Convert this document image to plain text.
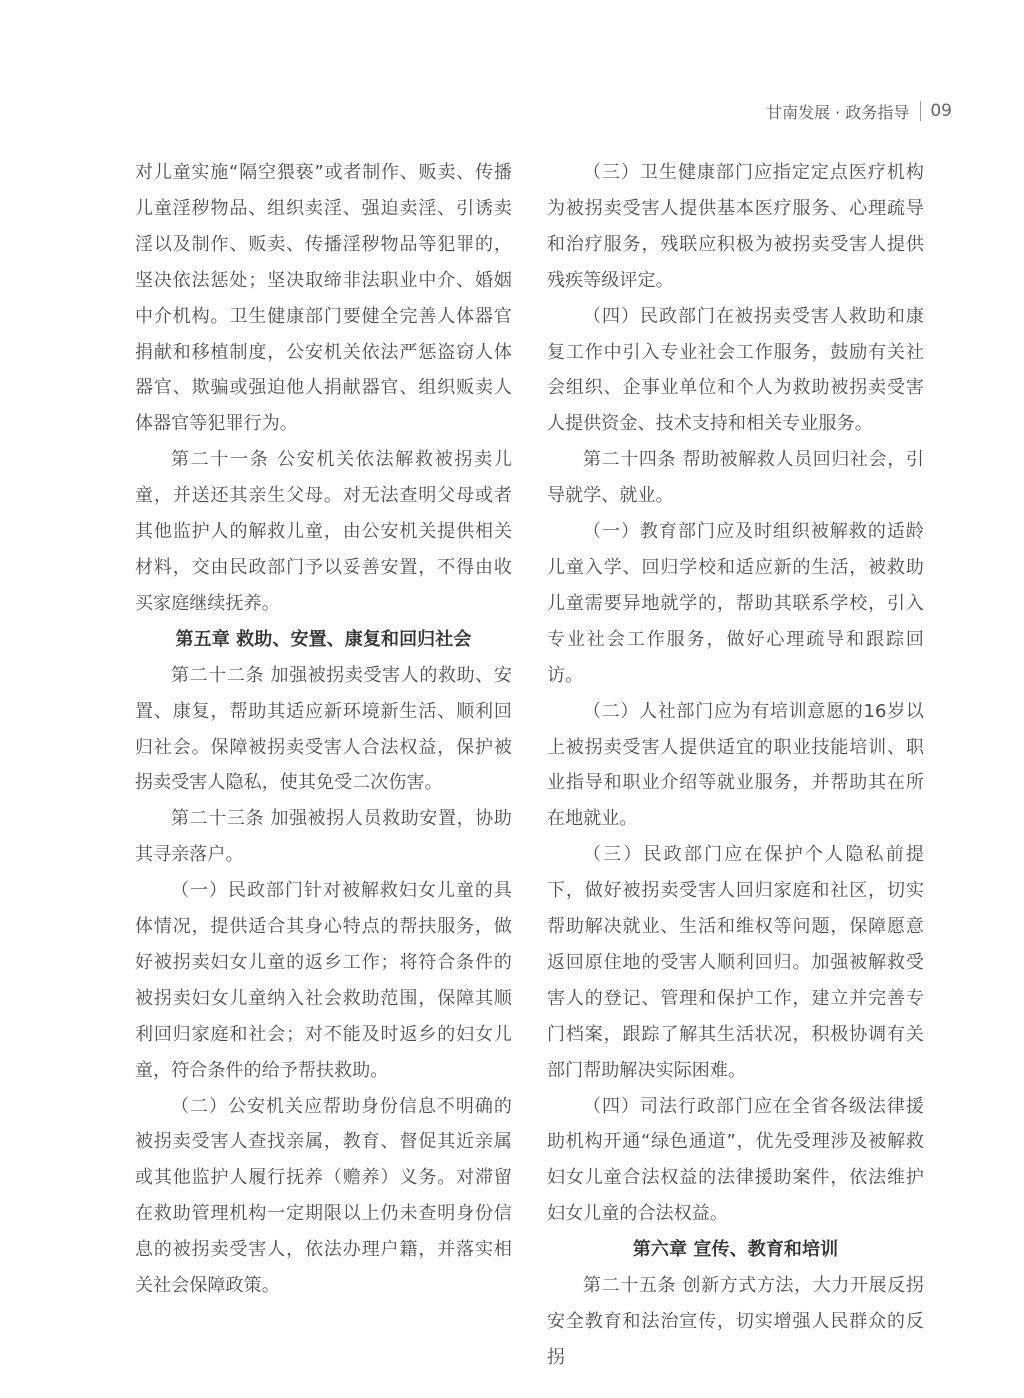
甘南发展 · 政务指导 09

对儿童实施“隔空猥亵”或者制作、贩卖、传播儿童淫秽物品、组织卖淫、强迫卖淫、引诱卖淫以及制作、贩卖、传播淫秽物品等犯罪的，坚决依法惩处；坚决取缔非法职业中介、婚姻中介机构。卫生健康部门要健全完善人体器官捐献和移植制度，公安机关依法严惩盗窃人体器官、欺骗或强迫他人捐献器官、组织贩卖人体器官等犯罪行为。

第二十一条 公安机关依法解救被拐卖儿童，并送还其亲生父母。对无法查明父母或者其他监护人的解救儿童，由公安机关提供相关材料，交由民政部门予以妥善安置，不得由收买家庭继续抚养。

第五章 救助、安置、康复和回归社会

第二十二条 加强被拐卖受害人的救助、安置、康复，帮助其适应新环境新生活、顺利回归社会。保障被拐卖受害人合法权益，保护被拐卖受害人隐私，使其免受二次伤害。

第二十三条 加强被拐人员救助安置，协助其寻亲落户。

（一）民政部门针对被解救妇女儿童的具体情况，提供适合其身心特点的帮扶服务，做好被拐卖妇女儿童的返乡工作；将符合条件的被拐卖妇女儿童纳入社会救助范围，保障其顺利回归家庭和社会；对不能及时返乡的妇女儿童，符合条件的给予帮扶救助。

（二）公安机关应帮助身份信息不明确的被拐卖受害人查找亲属，教育、督促其近亲属或其他监护人履行抚养（赡养）义务。对滞留在救助管理机构一定期限以上仍未查明身份信息的被拐卖受害人，依法办理户籍，并落实相关社会保障政策。

（三）卫生健康部门应指定定点医疗机构为被拐卖受害人提供基本医疗服务、心理疏导和治疗服务，残联应积极为被拐卖受害人提供残疾等级评定。

（四）民政部门在被拐卖受害人救助和康复工作中引入专业社会工作服务，鼓励有关社会组织、企事业单位和个人为救助被拐卖受害人提供资金、技术支持和相关专业服务。

第二十四条 帮助被解救人员回归社会，引导就学、就业。

（一）教育部门应及时组织被解救的适龄儿童入学、回归学校和适应新的生活，被救助儿童需要异地就学的，帮助其联系学校，引入专业社会工作服务，做好心理疏导和跟踪回访。

（二）人社部门应为有培训意愿的16岁以上被拐卖受害人提供适宜的职业技能培训、职业指导和职业介绍等就业服务，并帮助其在所在地就业。

（三）民政部门应在保护个人隐私前提下，做好被拐卖受害人回归家庭和社区，切实帮助解决就业、生活和维权等问题，保障愿意返回原住地的受害人顺利回归。加强被解救受害人的登记、管理和保护工作，建立并完善专门档案，跟踪了解其生活状况，积极协调有关部门帮助解决实际困难。

（四）司法行政部门应在全省各级法律援助机构开通“绿色通道”，优先受理涉及被解救妇女儿童合法权益的法律援助案件，依法维护妇女儿童的合法权益。

第六章 宣传、教育和培训

第二十五条 创新方式方法，大力开展反拐安全教育和法治宣传，切实增强人民群众的反拐
